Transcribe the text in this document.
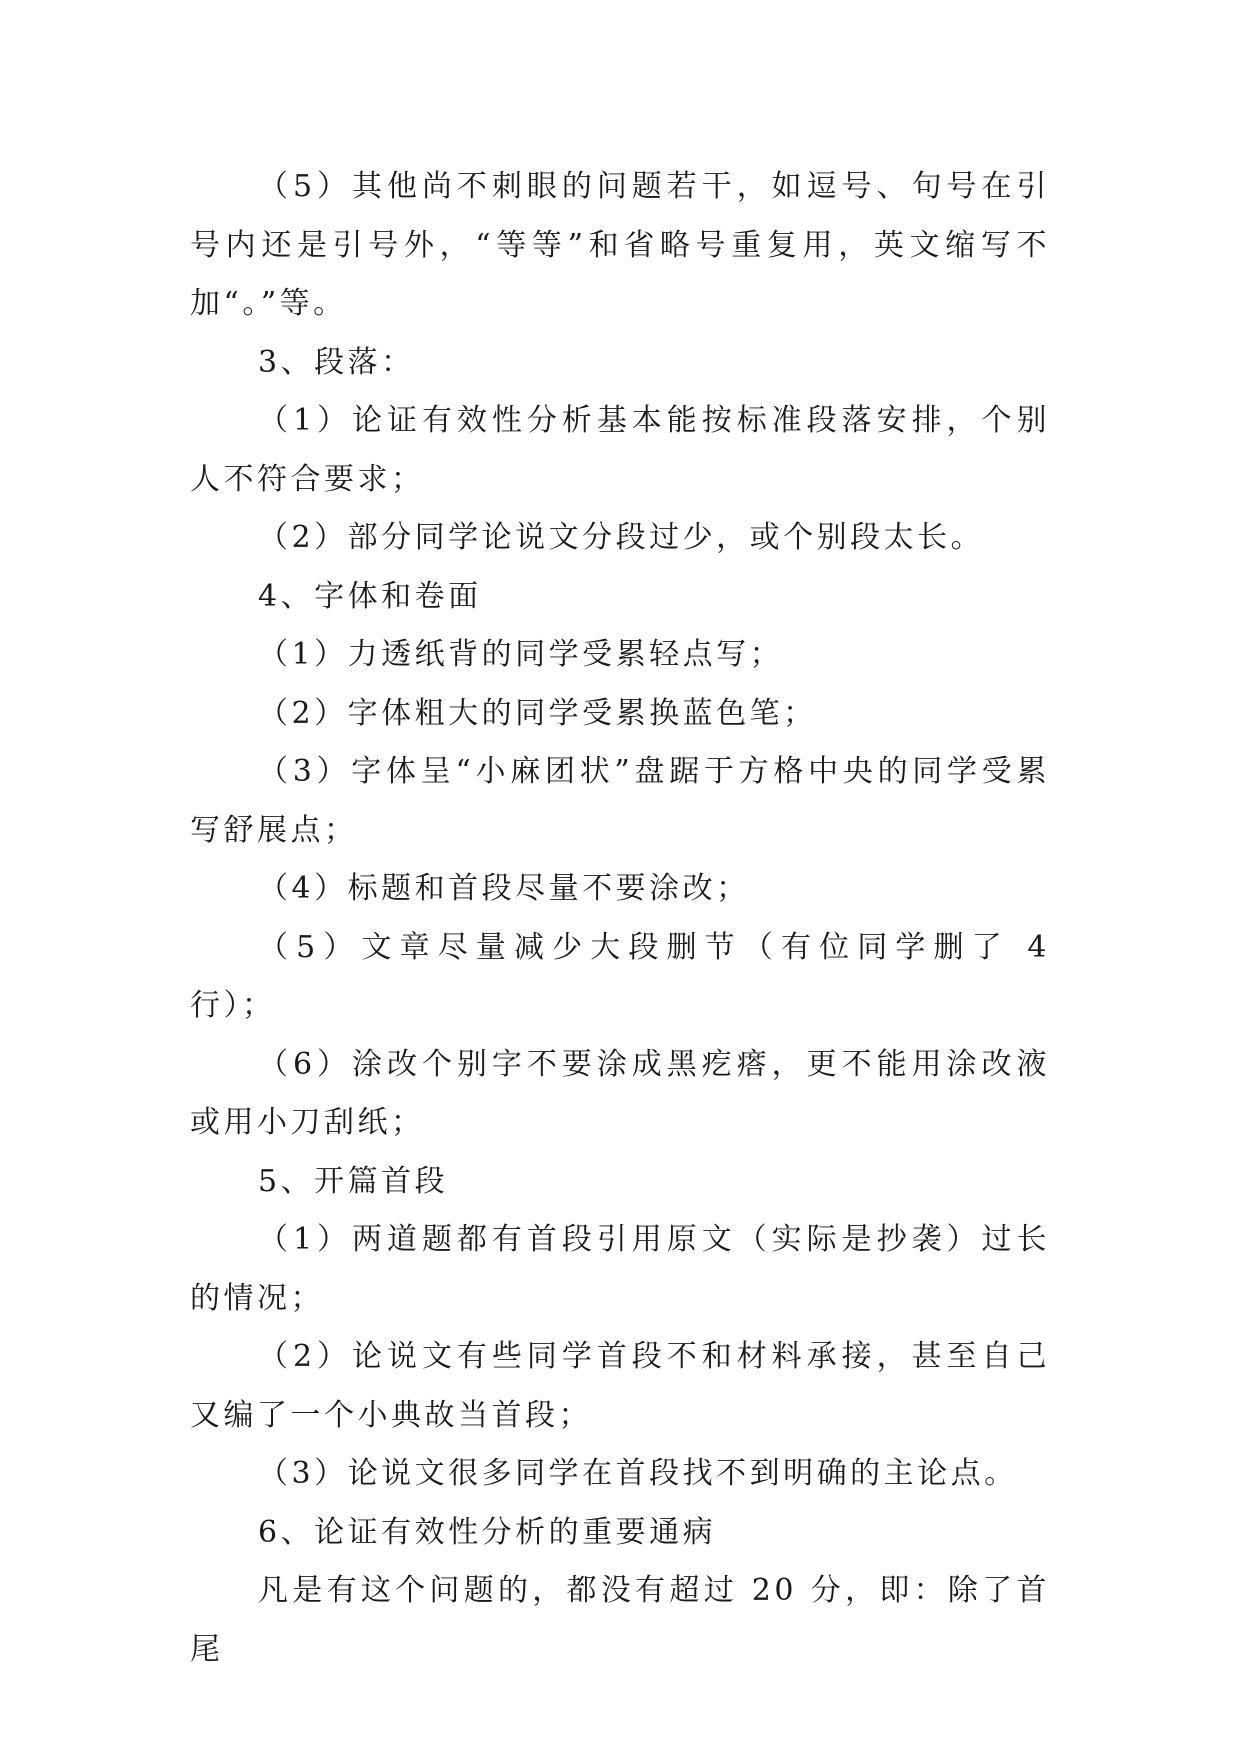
（5）其他尚不刺眼的问题若干，如逗号、句号在引号内还是引号外，“等等”和省略号重复用，英文缩写不加“。”等。

3、段落：

（1）论证有效性分析基本能按标准段落安排，个别人不符合要求；

（2）部分同学论说文分段过少，或个别段太长。

4、字体和卷面

（1）力透纸背的同学受累轻点写；

（2）字体粗大的同学受累换蓝色笔；

（3）字体呈“小麻团状”盘踞于方格中央的同学受累写舒展点；

（4）标题和首段尽量不要涂改；

（5）文章尽量减少大段删节（有位同学删了 4 行）；

（6）涂改个别字不要涂成黑疙瘩，更不能用涂改液或用小刀刮纸；

5、开篇首段

（1）两道题都有首段引用原文（实际是抄袭）过长的情况；

（2）论说文有些同学首段不和材料承接，甚至自己又编了一个小典故当首段；

（3）论说文很多同学在首段找不到明确的主论点。

6、论证有效性分析的重要通病

凡是有这个问题的，都没有超过 20 分，即：除了首尾
